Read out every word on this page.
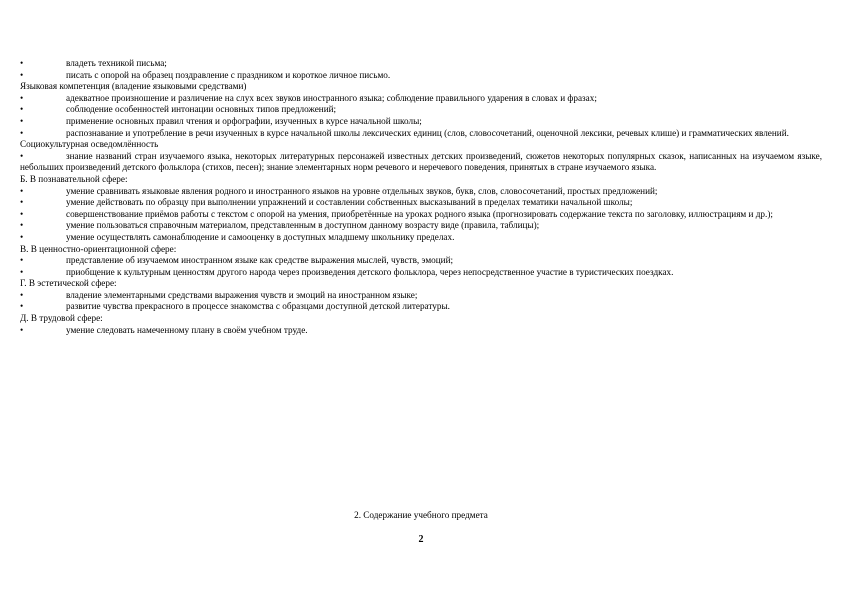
•	владеть техникой письма;
•	писать с опорой на образец поздравление с праздником и короткое личное письмо.
Языковая компетенция (владение языковыми средствами)
•	адекватное произношение и различение на слух всех звуков иностранного языка; соблюдение правильного ударения в словах и фразах;
•	соблюдение особенностей интонации основных типов предложений;
•	применение основных правил чтения и орфографии, изученных в курсе начальной школы;
•	распознавание и употребление в речи изученных в курсе начальной школы лексических единиц (слов, словосочетаний, оценочной лексики, речевых клише) и грамматических явлений.
Социокультурная осведомлённость
•	знание названий стран изучаемого языка, некоторых литературных персонажей известных детских произведений, сюжетов некоторых популярных сказок, написанных на изучаемом языке, небольших произведений детского фольклора (стихов, песен); знание элементарных норм речевого и неречевого поведения, принятых в стране изучаемого языка.
Б. В познавательной сфере:
•	умение сравнивать языковые явления родного и иностранного языков на уровне отдельных звуков, букв, слов, словосочетаний, простых предложений;
•	умение действовать по образцу при выполнении упражнений и составлении собственных высказываний в пределах тематики начальной школы;
•	совершенствование приёмов работы с текстом с опорой на умения, приобретённые на уроках родного языка (прогнозировать содержание текста по заголовку, иллюстрациям и др.);
•	умение пользоваться справочным материалом, представленным в доступном данному возрасту виде (правила, таблицы);
•	умение осуществлять самонаблюдение и самооценку в доступных младшему школьнику пределах.
В. В ценностно-ориентационной сфере:
•	представление об изучаемом иностранном языке как средстве выражения мыслей, чувств, эмоций;
•	приобщение к культурным ценностям другого народа через произведения детского фольклора, через непосредственное участие в туристических поездках.
Г. В эстетической сфере:
•	владение элементарными средствами выражения чувств и эмоций на иностранном языке;
•	развитие чувства прекрасного в процессе знакомства с образцами доступной детской литературы.
Д. В трудовой сфере:
•	умение следовать намеченному плану в своём учебном труде.
2. Содержание учебного предмета
2
